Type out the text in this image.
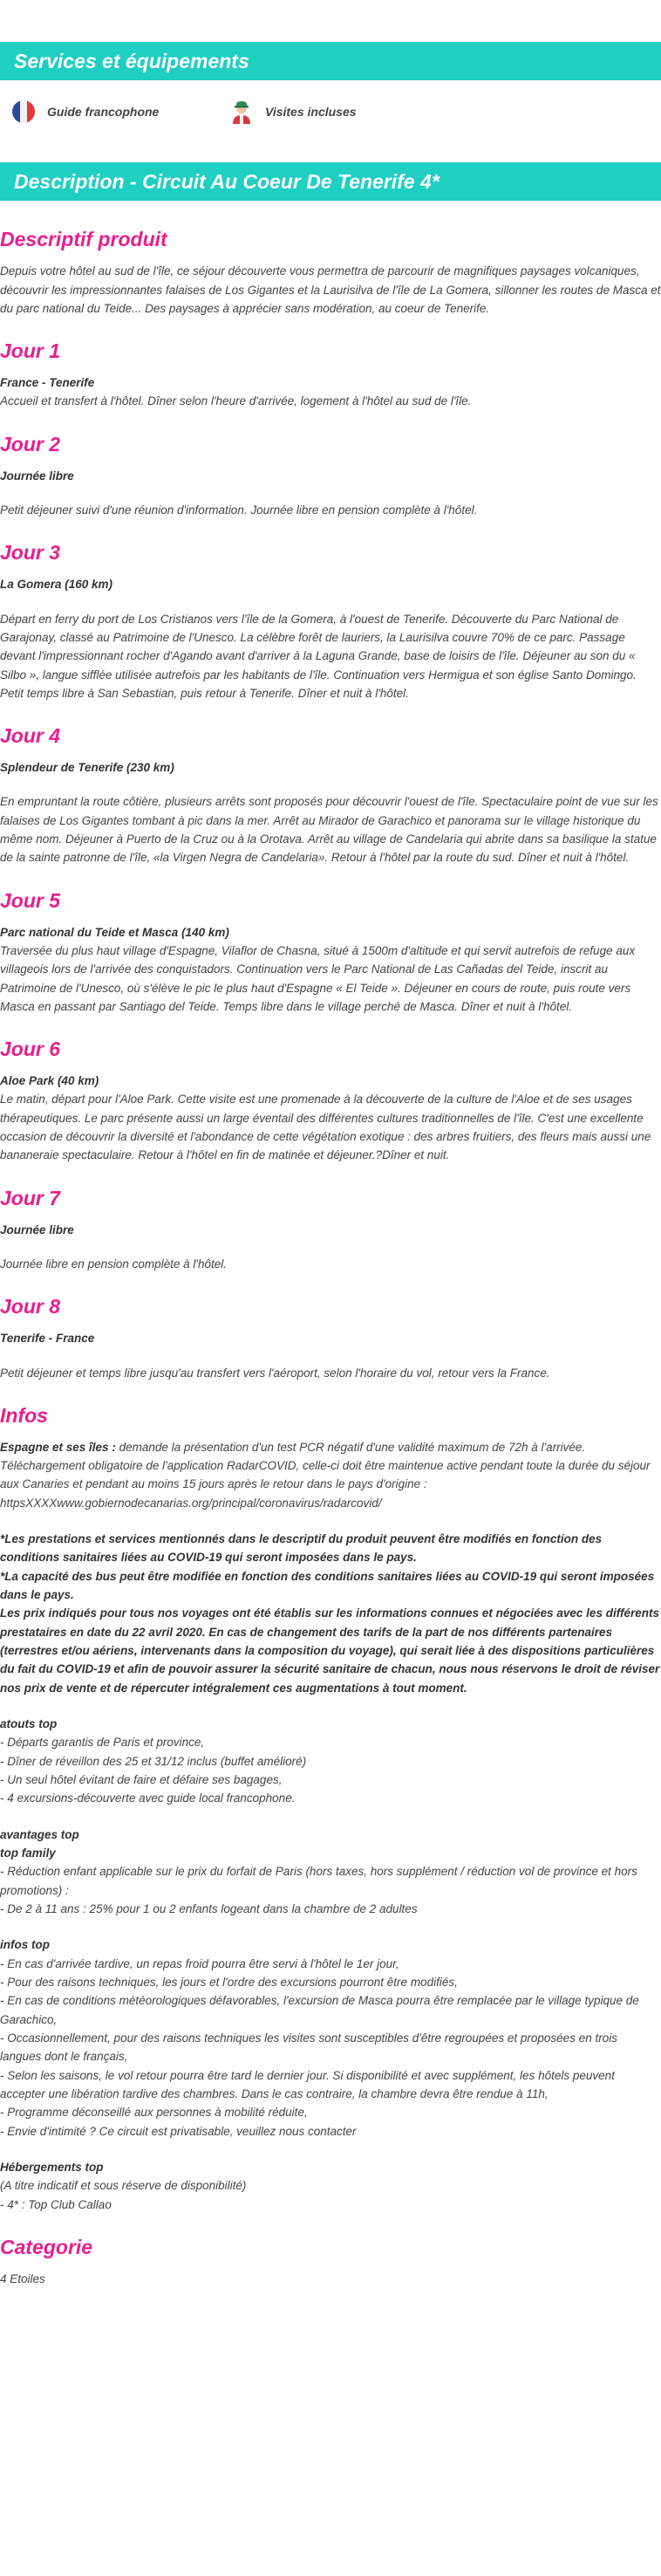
Services et équipements
Guide francophone	Visites incluses
Description - Circuit Au Coeur De Tenerife 4*
Descriptif produit

Depuis votre hôtel au sud de l'île, ce séjour découverte vous permettra de parcourir de magnifiques paysages volcaniques, découvrir les impressionnantes falaises de Los Gigantes et la Laurisilva de l'île de La Gomera, sillonner les routes de Masca et du parc national du Teide... Des paysages à apprécier sans modération, au coeur de Tenerife.

Jour 1

France - Tenerife

Accueil et transfert à l'hôtel. Dîner selon l'heure d'arrivée, logement à l'hôtel au sud de l'île.

Jour 2

Journée libre

Petit déjeuner suivi d'une réunion d'information. Journée libre en pension complète à l'hôtel.

Jour 3

La Gomera (160 km)

Départ en ferry du port de Los Cristianos vers l'île de la Gomera, à l'ouest de Tenerife. Découverte du Parc National de Garajonay, classé au Patrimoine de l'Unesco. La célèbre forêt de lauriers, la Laurisilva couvre 70% de ce parc. Passage devant l'impressionnant rocher d'Agando avant d'arriver à la Laguna Grande, base de loisirs de l'île. Déjeuner au son du « Silbo », langue sifflée utilisée autrefois par les habitants de l'île. Continuation vers Hermigua et son église Santo Domingo. Petit temps libre à San Sebastian, puis retour à Tenerife. Dîner et nuit à l'hôtel.

Jour 4

Splendeur de Tenerife (230 km)

En empruntant la route côtière, plusieurs arrêts sont proposés pour découvrir l'ouest de l'île. Spectaculaire point de vue sur les falaises de Los Gigantes tombant à pic dans la mer. Arrêt au Mirador de Garachico et panorama sur le village historique du même nom. Déjeuner à Puerto de la Cruz ou à la Orotava. Arrêt au village de Candelaria qui abrite dans sa basilique la statue de la sainte patronne de l'île, «la Virgen Negra de Candelaria». Retour à l'hôtel par la route du sud. Dîner et nuit à l'hôtel.

Jour 5

Parc national du Teide et Masca (140 km)

Traversée du plus haut village d'Espagne, Vilaflor de Chasna, situé à 1500m d'altitude et qui servit autrefois de refuge aux villageois lors de l'arrivée des conquistadors. Continuation vers le Parc National de Las Cañadas del Teide, inscrit au Patrimoine de l'Unesco, où s'élève le pic le plus haut d'Espagne « El Teide ». Déjeuner en cours de route, puis route vers Masca en passant par Santiago del Teide. Temps libre dans le village perché de Masca. Dîner et nuit à l'hôtel.

Jour 6

Aloe Park (40 km)

Le matin, départ pour l'Aloe Park. Cette visite est une promenade à la découverte de la culture de l'Aloe et de ses usages thérapeutiques. Le parc présente aussi un large éventail des différentes cultures traditionnelles de l'île. C'est une excellente occasion de découvrir la diversité et l'abondance de cette végétation exotique : des arbres fruitiers, des fleurs mais aussi une bananeraie spectaculaire. Retour à l'hôtel en fin de matinée et déjeuner.?Dîner et nuit.

Jour 7

Journée libre

Journée libre en pension complète à l'hôtel.

Jour 8

Tenerife - France

Petit déjeuner et temps libre jusqu'au transfert vers l'aéroport, selon l'horaire du vol, retour vers la France.

Infos

Espagne et ses îles : demande la présentation d'un test PCR négatif d'une validité maximum de 72h à l'arrivée. Téléchargement obligatoire de l'application RadarCOVID, celle-ci doit être maintenue active pendant toute la durée du séjour aux Canaries et pendant au moins 15 jours après le retour dans le pays d'origine : httpsXXXXwww.gobiernodecanarias.org/principal/coronavirus/radarcovid/

*Les prestations et services mentionnés dans le descriptif du produit peuvent être modifiés en fonction des conditions sanitaires liées au COVID-19 qui seront imposées dans le pays.

*La capacité des bus peut être modifiée en fonction des conditions sanitaires liées au COVID-19 qui seront imposées dans le pays.

Les prix indiqués pour tous nos voyages ont été établis sur les informations connues et négociées avec les différents prestataires en date du 22 avril 2020. En cas de changement des tarifs de la part de nos différents partenaires (terrestres et/ou aériens, intervenants dans la composition du voyage), qui serait liée à des dispositions particulières du fait du COVID-19 et afin de pouvoir assurer la sécurité sanitaire de chacun, nous nous réservons le droit de réviser nos prix de vente et de répercuter intégralement ces augmentations à tout moment.

atouts top

- Départs garantis de Paris et province,

- Dîner de réveillon des 25 et 31/12 inclus (buffet amélioré)

- Un seul hôtel évitant de faire et défaire ses bagages,

- 4 excursions-découverte avec guide local francophone.

avantages top

top family

- Réduction enfant applicable sur le prix du forfait de Paris (hors taxes, hors supplément / réduction vol de province et hors promotions) :

- De 2 à 11 ans : 25% pour 1 ou 2 enfants logeant dans la chambre de 2 adultes

infos top

- En cas d'arrivée tardive, un repas froid pourra être servi à l'hôtel le 1er jour,

- Pour des raisons techniques, les jours et l'ordre des excursions pourront être modifiés,

- En cas de conditions météorologiques défavorables, l'excursion de Masca pourra être remplacée par le village typique de Garachico,

- Occasionnellement, pour des raisons techniques les visites sont susceptibles d'être regroupées et proposées en trois langues dont le français,

- Selon les saisons, le vol retour pourra être tard le dernier jour. Si disponibilité et avec supplément, les hôtels peuvent accepter une libération tardive des chambres. Dans le cas contraire, la chambre devra être rendue à 11h,

- Programme déconseillé aux personnes à mobilité réduite,

- Envie d'intimité ? Ce circuit est privatisable, veuillez nous contacter

Hébergements top

(A titre indicatif et sous réserve de disponibilité)

- 4* : Top Club Callao

Categorie

4 Etoiles
